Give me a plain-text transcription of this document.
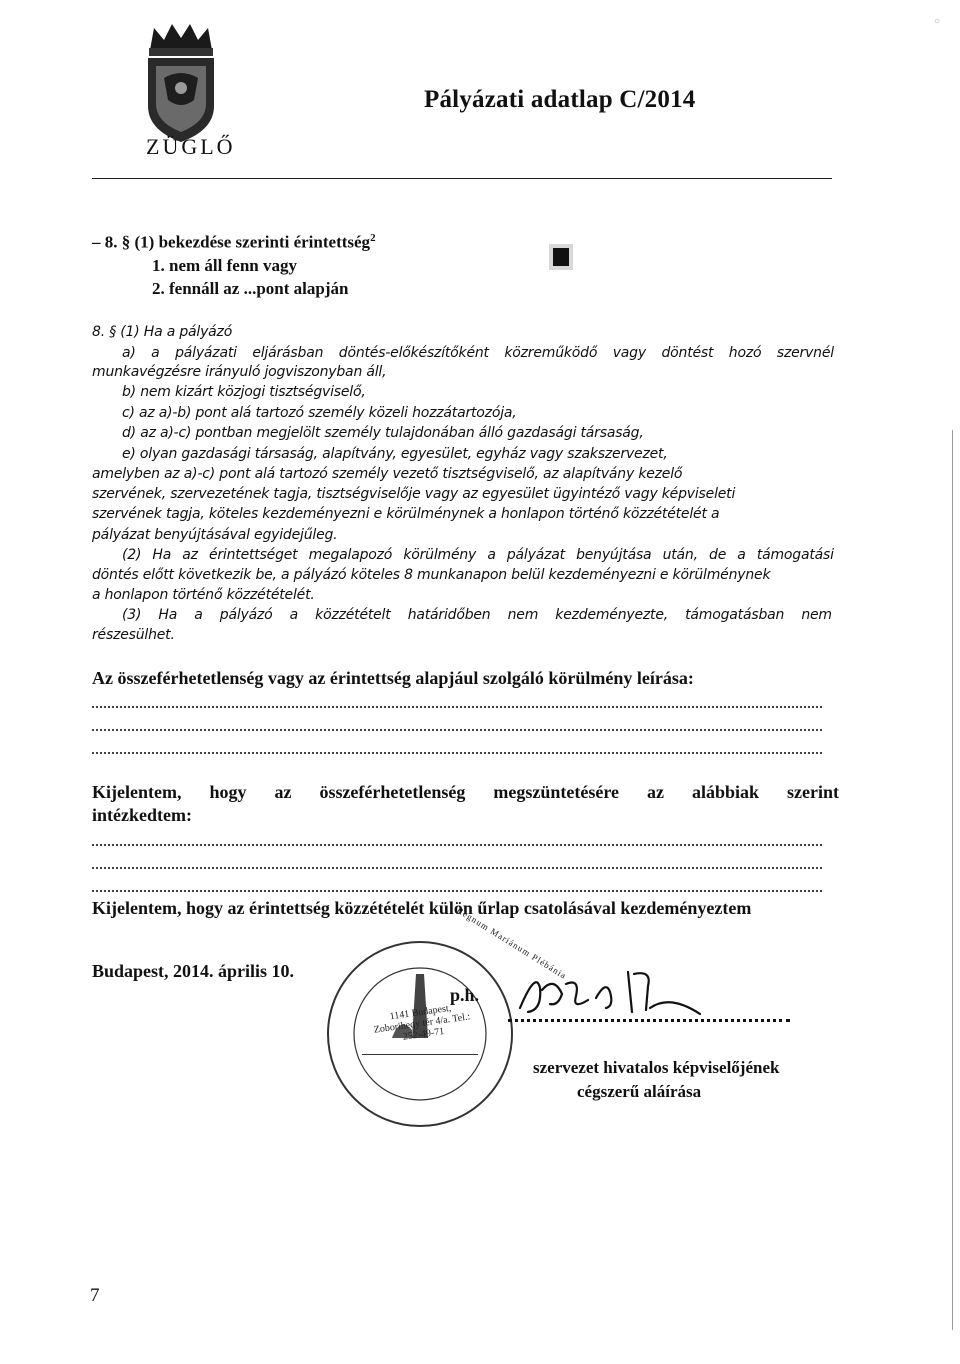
ZÜGLŐ
Pályázati adatlap C/2014
○
– 8. § (1) bekezdése szerinti érintettség$^2$
1. nem áll fenn vagy
2. fennáll az ...pont alapján
8. § (1) Ha a pályázó
a) a pályázati eljárásban döntés-előkészítőként közreműködő vagy döntést hozó szervnél
munkavégzésre irányuló jogviszonyban áll,
b) nem kizárt közjogi tisztségviselő,
c) az a)-b) pont alá tartozó személy közeli hozzátartozója,
d) az a)-c) pontban megjelölt személy tulajdonában álló gazdasági társaság,
e) olyan gazdasági társaság, alapítvány, egyesület, egyház vagy szakszervezet,
amelyben az a)-c) pont alá tartozó személy vezető tisztségviselő, az alapítvány kezelő
szervének, szervezetének tagja, tisztségviselője vagy az egyesület ügyintéző vagy képviseleti
szervének tagja, köteles kezdeményezni e körülménynek a honlapon történő közzétételét a
pályázat benyújtásával egyidejűleg.
(2) Ha az érintettséget megalapozó körülmény a pályázat benyújtása után, de a támogatási
döntés előtt következik be, a pályázó köteles 8 munkanapon belül kezdeményezni e körülménynek
a honlapon történő közzétételét.
(3) Ha a pályázó a közzétételt határidőben nem kezdeményezte, támogatásban nem
részesülhet.
Az összeférhetetlenség vagy az érintettség alapjául szolgáló körülmény leírása:
Kijelentem, hogy az összeférhetetlenség megszüntetésére az alábbiak szerint
intézkedtem:
Kijelentem, hogy az érintettség közzétételét külön űrlap csatolásával kezdeményeztem
Budapest, 2014. április 10.
1141 Budapest, Zoboriheqy tér 4/a. Tel.: 252-49-71
Regnum Mariánum Plébánia
p.h.
szervezet hivatalos képviselőjének
cégszerű aláírása
7
